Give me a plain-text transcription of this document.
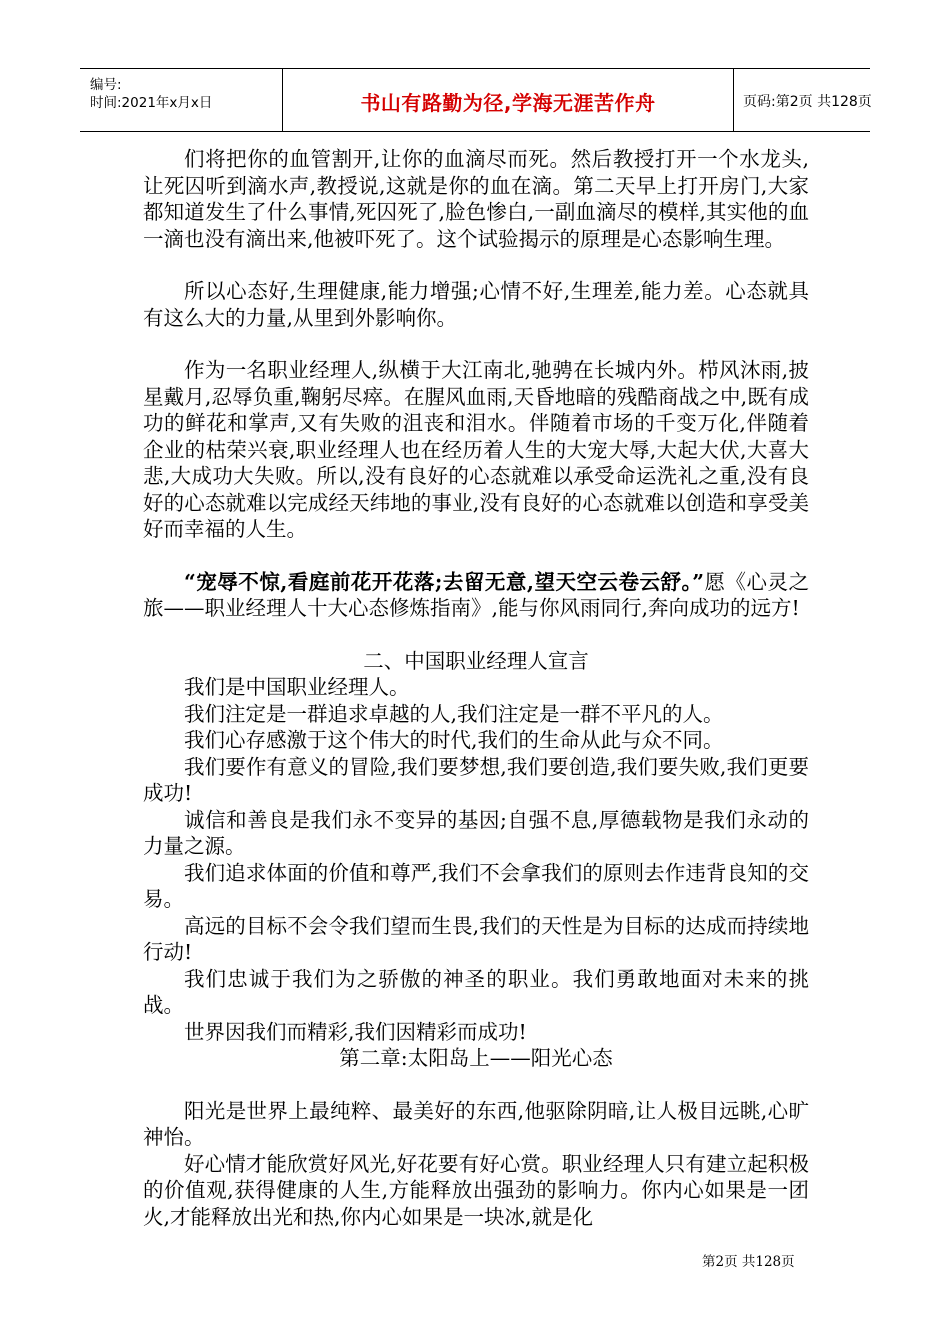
编号:
时间:2021年x月x日	书山有路勤为径,学海无涯苦作舟	页码:第2页 共128页

们将把你的血管割开,让你的血滴尽而死。然后教授打开一个水龙头,让死囚听到滴水声,教授说,这就是你的血在滴。第二天早上打开房门,大家都知道发生了什么事情,死囚死了,脸色惨白,一副血滴尽的模样,其实他的血一滴也没有滴出来,他被吓死了。这个试验揭示的原理是心态影响生理。

所以心态好,生理健康,能力增强;心情不好,生理差,能力差。心态就具有这么大的力量,从里到外影响你。

作为一名职业经理人,纵横于大江南北,驰骋在长城内外。栉风沐雨,披星戴月,忍辱负重,鞠躬尽瘁。在腥风血雨,天昏地暗的残酷商战之中,既有成功的鲜花和掌声,又有失败的沮丧和泪水。伴随着市场的千变万化,伴随着企业的枯荣兴衰,职业经理人也在经历着人生的大宠大辱,大起大伏,大喜大悲,大成功大失败。所以,没有良好的心态就难以承受命运洗礼之重,没有良好的心态就难以完成经天纬地的事业,没有良好的心态就难以创造和享受美好而幸福的人生。

“宠辱不惊,看庭前花开花落;去留无意,望天空云卷云舒。”愿《心灵之旅——职业经理人十大心态修炼指南》,能与你风雨同行,奔向成功的远方!

二、中国职业经理人宣言

我们是中国职业经理人。

我们注定是一群追求卓越的人,我们注定是一群不平凡的人。

我们心存感激于这个伟大的时代,我们的生命从此与众不同。

我们要作有意义的冒险,我们要梦想,我们要创造,我们要失败,我们更要成功!

诚信和善良是我们永不变异的基因;自强不息,厚德载物是我们永动的力量之源。

我们追求体面的价值和尊严,我们不会拿我们的原则去作违背良知的交易。

高远的目标不会令我们望而生畏,我们的天性是为目标的达成而持续地行动!

我们忠诚于我们为之骄傲的神圣的职业。我们勇敢地面对未来的挑战。

世界因我们而精彩,我们因精彩而成功!

第二章:太阳岛上——阳光心态

阳光是世界上最纯粹、最美好的东西,他驱除阴暗,让人极目远眺,心旷神怡。

好心情才能欣赏好风光,好花要有好心赏。职业经理人只有建立起积极的价值观,获得健康的人生,方能释放出强劲的影响力。你内心如果是一团火,才能释放出光和热,你内心如果是一块冰,就是化

第2页 共128页
